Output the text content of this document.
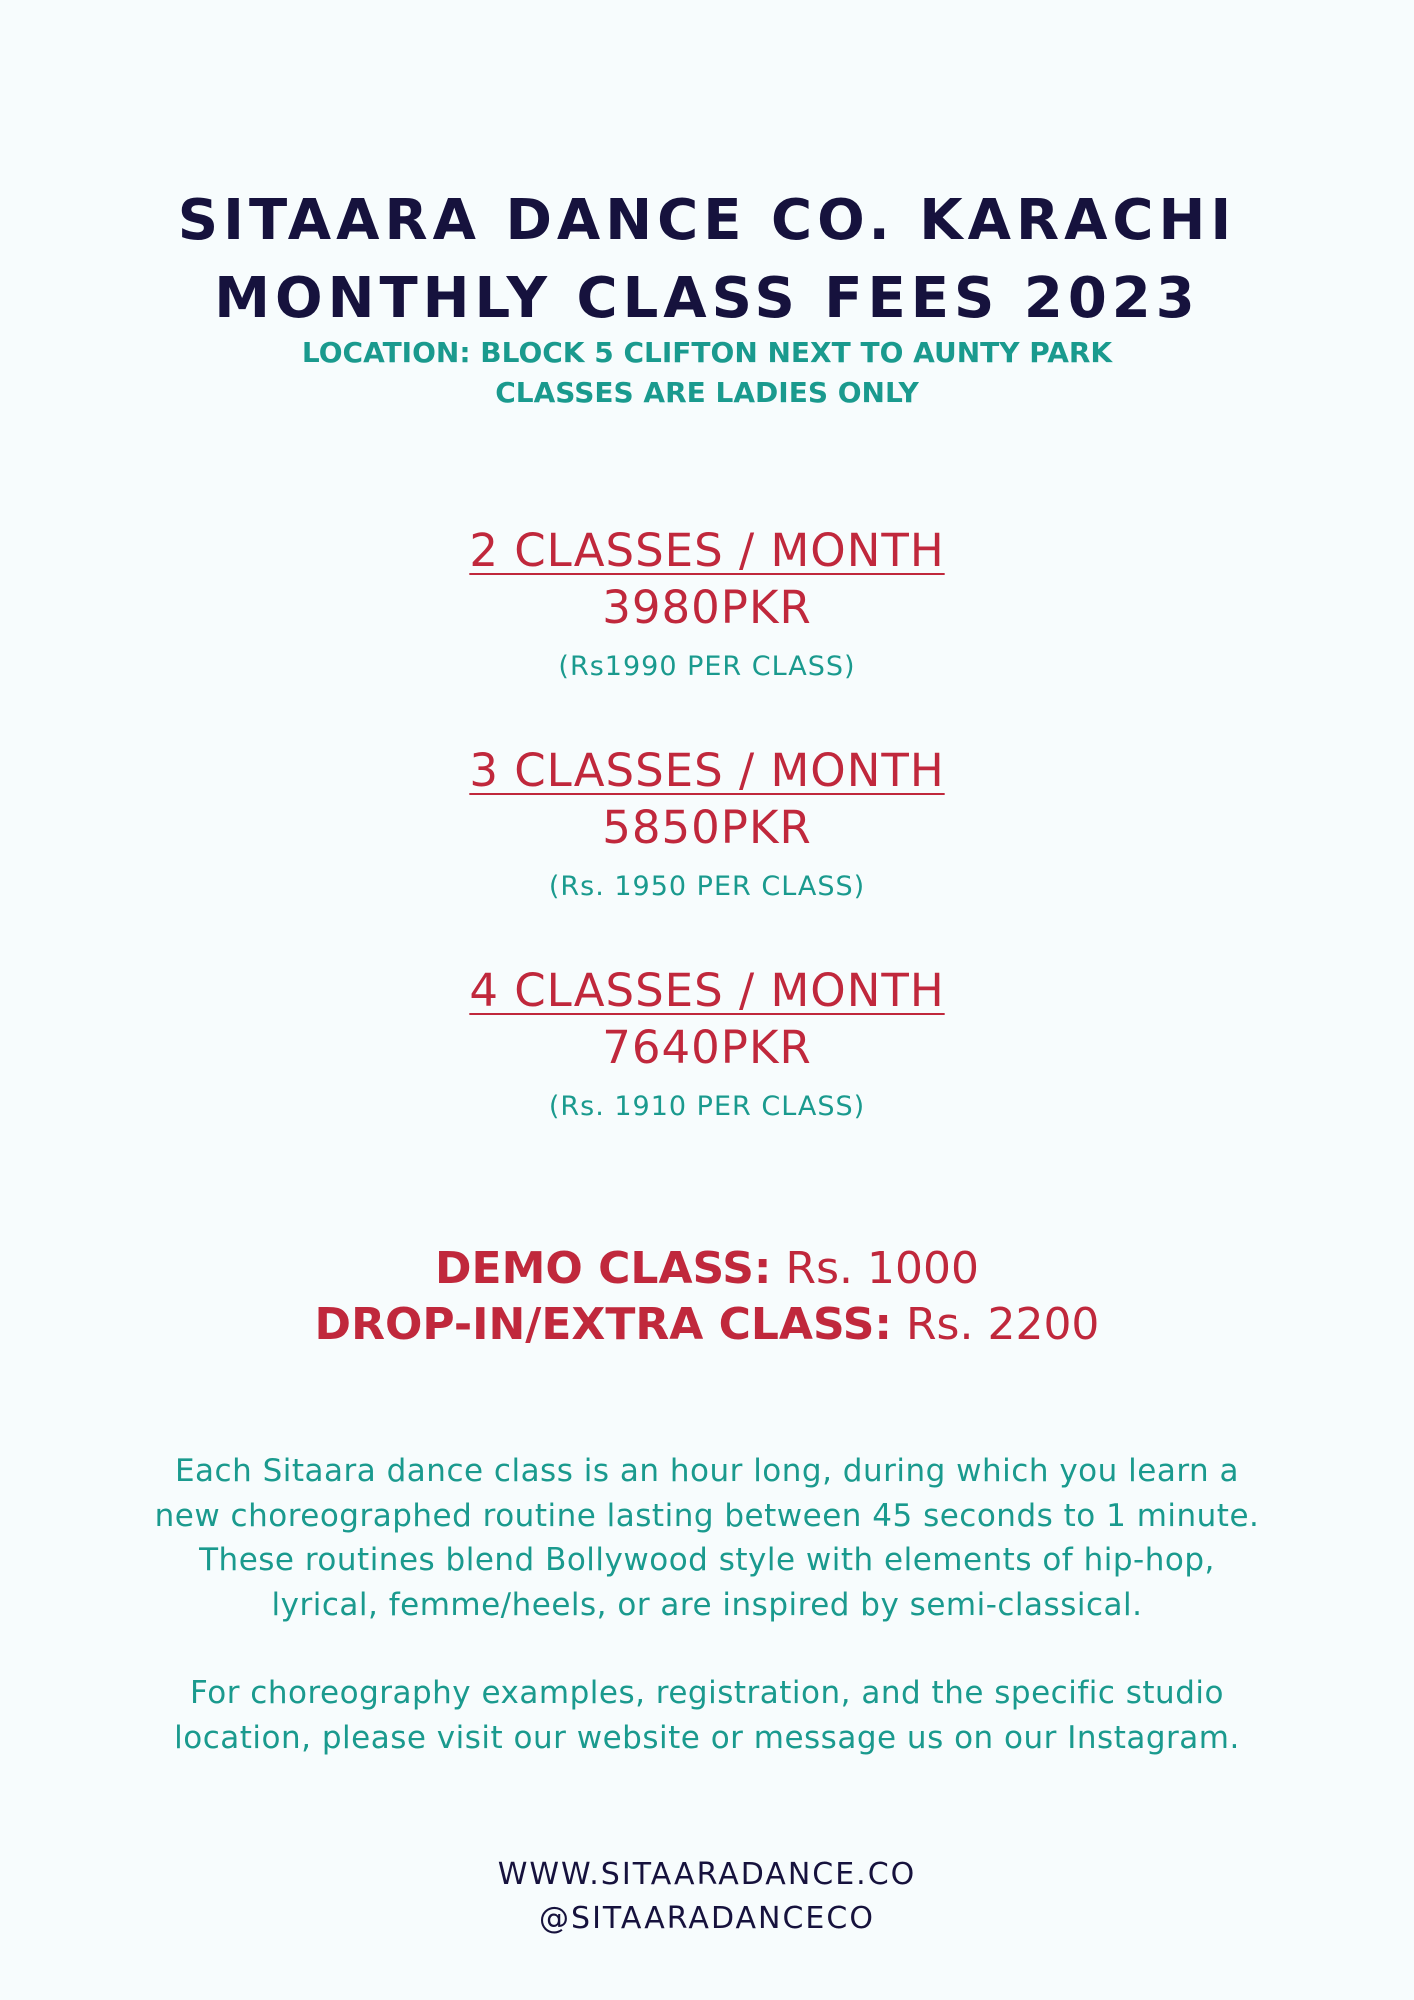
SITAARA DANCE CO. KARACHI
MONTHLY CLASS FEES 2023
LOCATION: BLOCK 5 CLIFTON NEXT TO AUNTY PARK
CLASSES ARE LADIES ONLY
2 CLASSES / MONTH
3980PKR
(Rs1990 PER CLASS)
3 CLASSES / MONTH
5850PKR
(Rs. 1950 PER CLASS)
4 CLASSES / MONTH
7640PKR
(Rs. 1910 PER CLASS)
DEMO CLASS: Rs. 1000
DROP-IN/EXTRA CLASS: Rs. 2200

Each Sitaara dance class is an hour long, during which you learn a

new choreographed routine lasting between 45 seconds to 1 minute.

These routines blend Bollywood style with elements of hip-hop,

lyrical, femme/heels, or are inspired by semi-classical.

For choreography examples, registration, and the specific studio

location, please visit our website or message us on our Instagram.

WWW.SITAARADANCE.CO
@SITAARADANCECO
